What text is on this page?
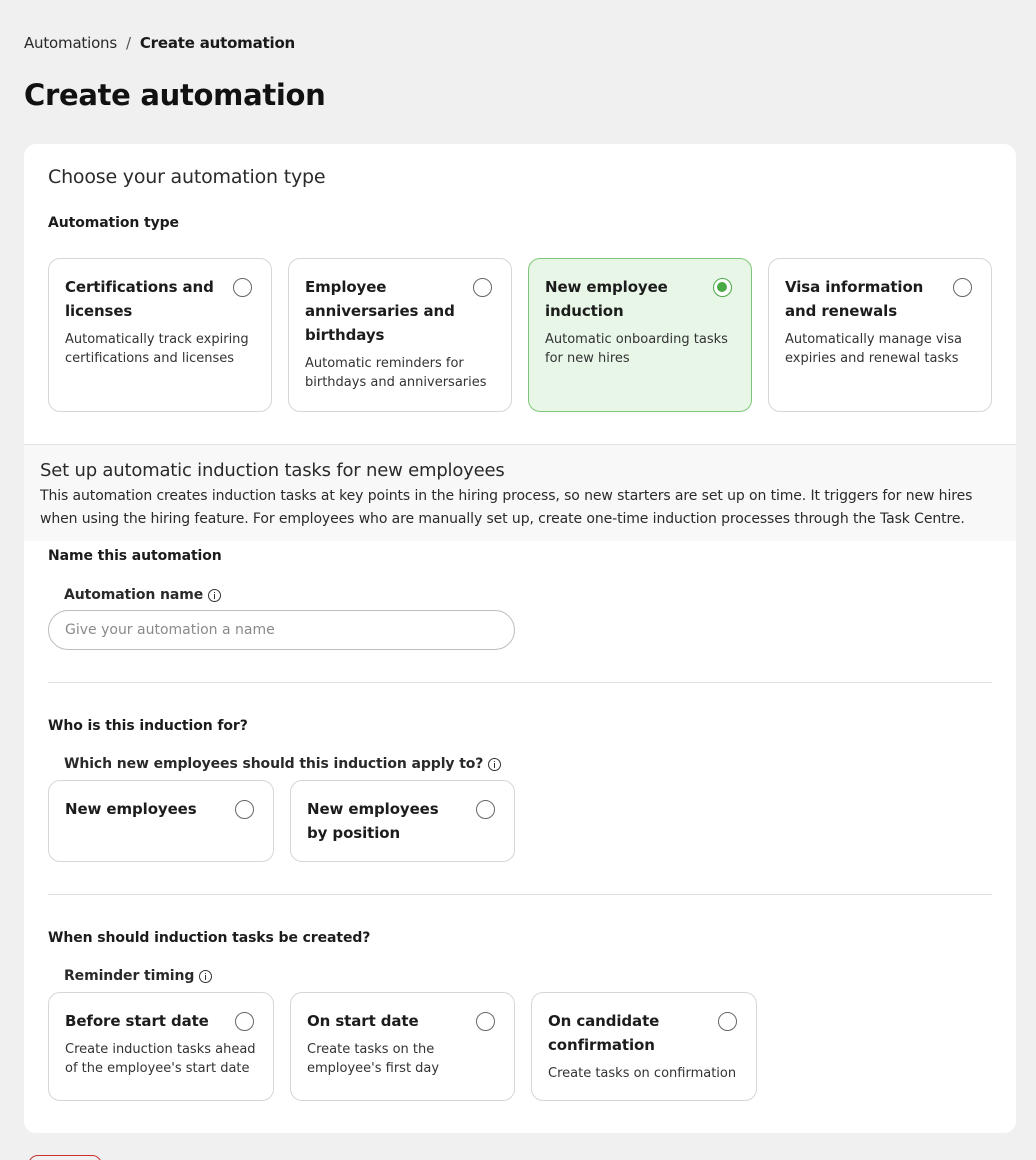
Automations / Create automation
Create automation
Choose your automation type
Automation type
Certifications and licenses
Automatically track expiring certifications and licenses
Employee anniversaries and birthdays
Automatic reminders for birthdays and anniversaries
New employee induction
Automatic onboarding tasks for new hires
Visa information and renewals
Automatically manage visa expiries and renewal tasks
Set up automatic induction tasks for new employees
This automation creates induction tasks at key points in the hiring process, so new starters are set up on time. It triggers for new hires when using the hiring feature. For employees who are manually set up, create one-time induction processes through the Task Centre.
Name this automation
Automation name
Give your automation a name
Who is this induction for?
Which new employees should this induction apply to?
New employees	New employees by position
When should induction tasks be created?
Reminder timing
Before start date
Create induction tasks ahead of the employee's start date
On start date
Create tasks on the employee's first day
On candidate confirmation
Create tasks on confirmation
